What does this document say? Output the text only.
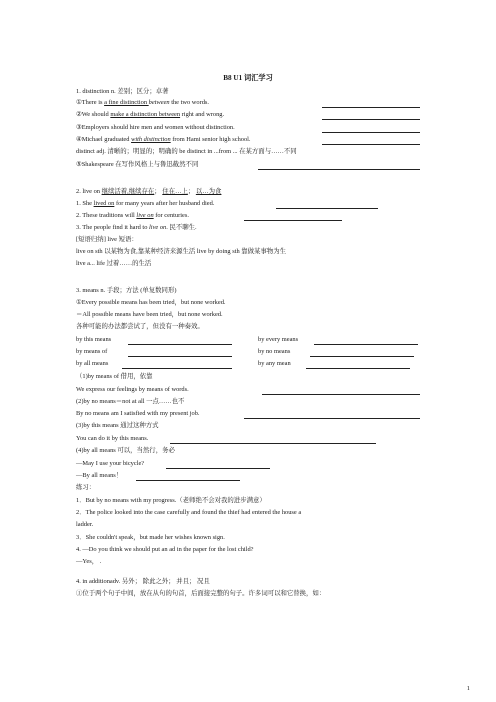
B8 U1 词汇学习
1. distinction n. 差别；区分；卓著
①There is a fine distinction between the two words.
②We should make a distinction between right and wrong.
③Employers should hire men and women without distinction.
④Michael graduated with distinction from Hami senior high school.
distinct adj. 清晰的；明显的；明确的 be distinct in ...from ... 在某方面与……不同
⑤Shakespeare 在写作风格上与鲁迅截然不同
2. live on 继续活着,继续存在； 住在…上； 以…为食
1. She lived on for many years after her husband died.
2. These traditions will live on for centuries.
3. The people find it hard to live on. 民不聊生.
[短语归纳] live 短语：
live on sth 以某物为食,靠某种经济来源生活 live by doing sth 靠做某事物为生
live a... life 过着……的生活
3. means n. 手段；方法 (单复数同形)
①Every possible means has been tried，but none worked.
＝All possible means have been tried，but none worked.
各种可能的办法都尝试了，但没有一种奏效。
by this means	by every means
by means of	by no means
by all means	by any mean
（1)by means of 借用，依靠
We express our feelings by means of words.
(2)by no means＝not at all 一点……也不
By no means am I satisfied with my present job.
(3)by this means 通过这种方式
You can do it by this means.
(4)by all means 可以，当然行，务必
—May I use your bicycle?
—By all means！
练习：
1．But by no means with my progress.（老师绝不会对我的进步满意）
2．The police looked into the case carefully and found the thief had entered the house a
ladder.
3．She couldn't speak，but made her wishes known sign.
4. —Do you think we should put an ad in the paper for the lost child?
—Yes， .
4. in additionadv. 另外； 除此之外； 并且； 况且
①位于两个句子中间，放在从句的句首，后面接完整的句子。许多词可以和它替换，如：
1
